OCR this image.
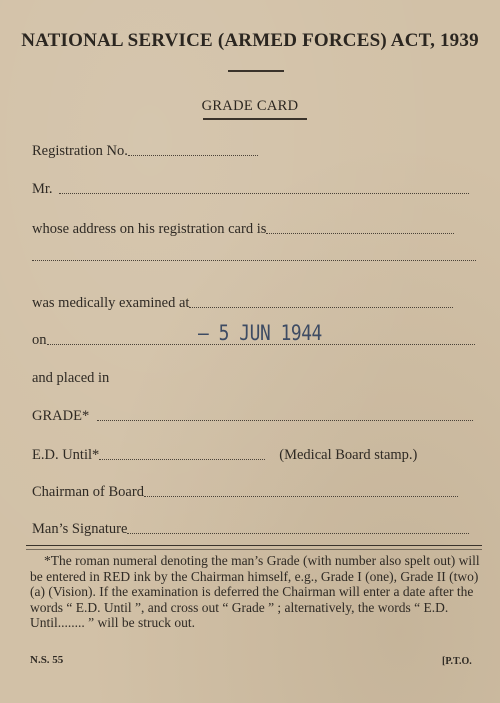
NATIONAL SERVICE (ARMED FORCES) ACT, 1939
GRADE CARD
Registration No.
Mr.
whose address on his registration card is
was medically examined at
on	– 5 JUN 1944
and placed in
GRADE*
E.D. Until*	(Medical Board stamp.)
Chairman of Board
Man’s Signature
*The roman numeral denoting the man’s Grade (with number also spelt out) will be entered in RED ink by the Chairman himself, e.g., Grade I (one), Grade II (two) (a) (Vision). If the examination is deferred the Chairman will enter a date after the words “ E.D. Until ”, and cross out “ Grade ” ; alternatively, the words “ E.D. Until........ ” will be struck out.
N.S. 55	[P.T.O.
